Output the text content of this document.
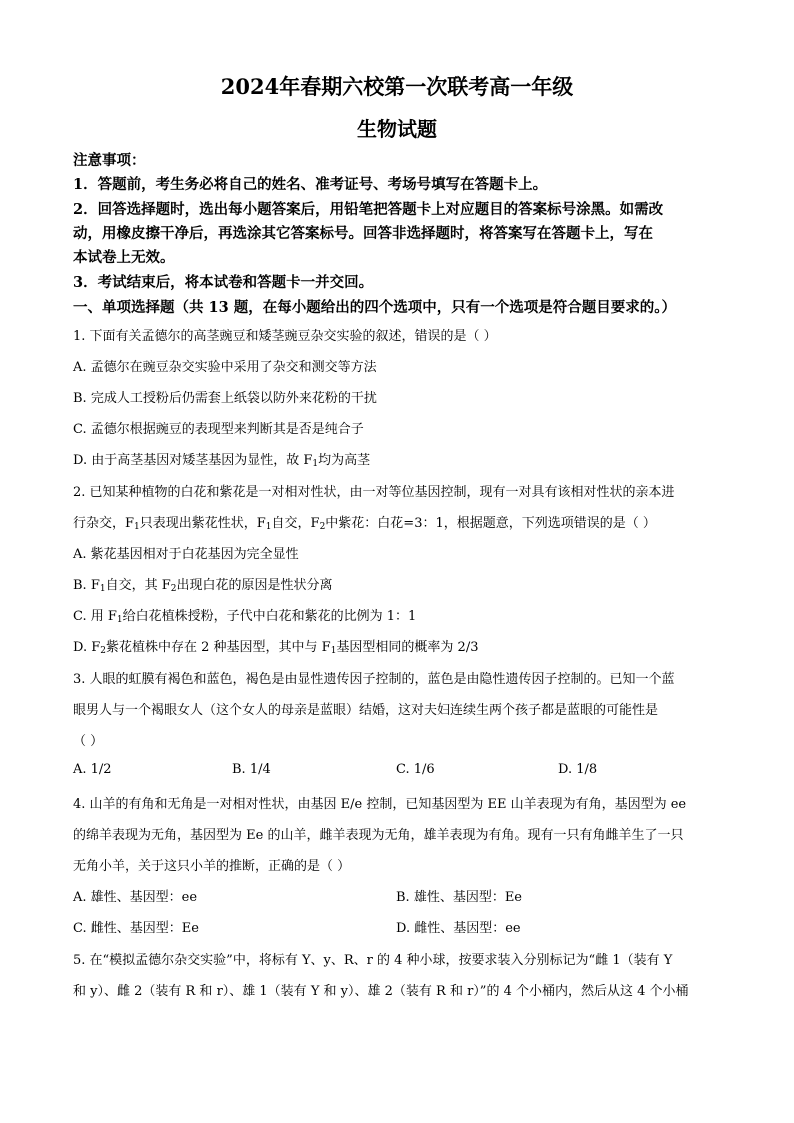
2024年春期六校第一次联考高一年级
生物试题
注意事项：
1．答题前，考生务必将自己的姓名、准考证号、考场号填写在答题卡上。
2．回答选择题时，选出每小题答案后，用铅笔把答题卡上对应题目的答案标号涂黑。如需改
动，用橡皮擦干净后，再选涂其它答案标号。回答非选择题时，将答案写在答题卡上，写在
本试卷上无效。
3．考试结束后，将本试卷和答题卡一并交回。
一、单项选择题（共 13 题，在每小题给出的四个选项中，只有一个选项是符合题目要求的。）
1. 下面有关孟德尔的高茎豌豆和矮茎豌豆杂交实验的叙述，错误的是（ ）
A. 孟德尔在豌豆杂交实验中采用了杂交和测交等方法
B. 完成人工授粉后仍需套上纸袋以防外来花粉的干扰
C. 孟德尔根据豌豆的表现型来判断其是否是纯合子
D. 由于高茎基因对矮茎基因为显性，故 $F_1$均为高茎
2. 已知某种植物的白花和紫花是一对相对性状，由一对等位基因控制，现有一对具有该相对性状的亲本进
行杂交，$F_1$只表现出紫花性状，$F_1$自交，$F_2$中紫花：白花=3：1，根据题意，下列选项错误的是（ ）
A. 紫花基因相对于白花基因为完全显性
B. $F_1$自交，其 $F_2$出现白花的原因是性状分离
C. 用 $F_1$给白花植株授粉，子代中白花和紫花的比例为 1：1
D. $F_2$紫花植株中存在 2 种基因型，其中与 $F_1$基因型相同的概率为 2/3
3. 人眼的虹膜有褐色和蓝色，褐色是由显性遗传因子控制的，蓝色是由隐性遗传因子控制的。已知一个蓝
眼男人与一个褐眼女人（这个女人的母亲是蓝眼）结婚，这对夫妇连续生两个孩子都是蓝眼的可能性是
（ ）
A. 1/2	B. 1/4	C. 1/6	D. 1/8
4. 山羊的有角和无角是一对相对性状，由基因 E/e 控制，已知基因型为 EE 山羊表现为有角，基因型为 ee
的绵羊表现为无角，基因型为 Ee 的山羊，雌羊表现为无角，雄羊表现为有角。现有一只有角雌羊生了一只
无角小羊，关于这只小羊的推断，正确的是（ ）
A. 雄性、基因型：ee	B. 雄性、基因型：Ee
C. 雌性、基因型：Ee	D. 雌性、基因型：ee
5. 在“模拟孟德尔杂交实验”中，将标有 Y、y、R、r 的 4 种小球，按要求装入分别标记为“雌 1（装有 Y
和 y）、雌 2（装有 R 和 r）、雄 1（装有 Y 和 y）、雄 2（装有 R 和 r）”的 4 个小桶内，然后从这 4 个小桶
